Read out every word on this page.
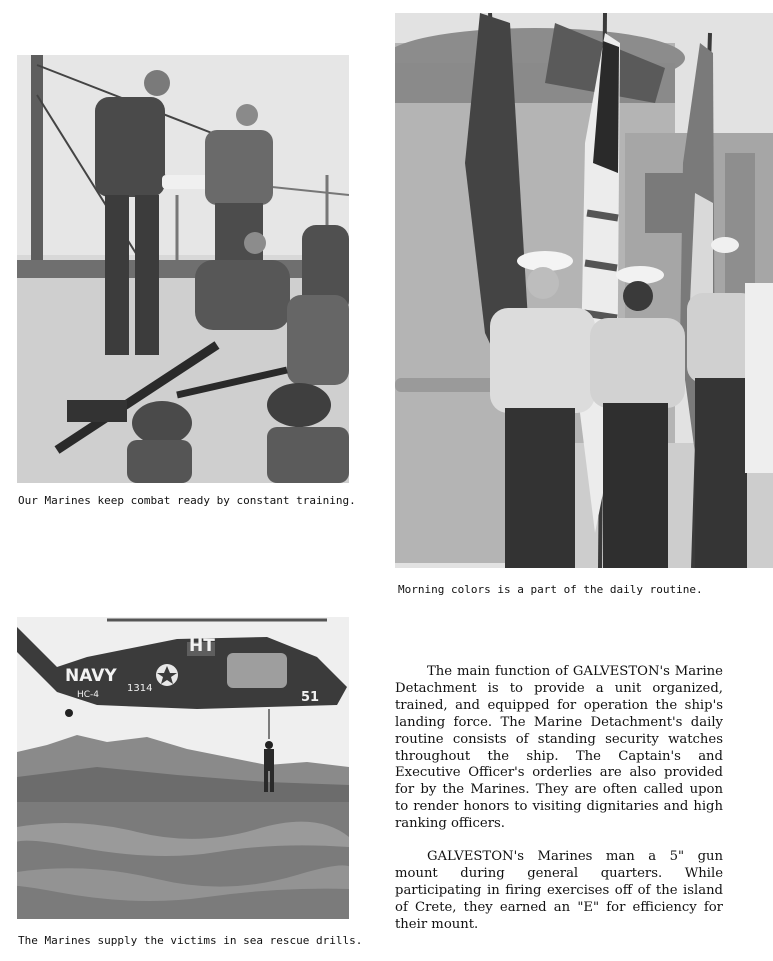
Our Marines keep combat ready by constant training.
Morning colors is a part of the daily routine.
NAVY
HC-4
1314
HT
51
The Marines supply the victims in sea rescue drills.

The main function of GALVESTON's Marine Detachment is to provide a unit organized, trained, and equipped for operation the ship's landing force. The Marine Detachment's daily routine consists of standing security watches throughout the ship. The Captain's and Executive Officer's orderlies are also provided for by the Marines. They are often called upon to render honors to visiting dignitaries and high ranking officers.

GALVESTON's Marines man a 5" gun mount during general quarters. While participating in firing exercises off of the island of Crete, they earned an "E" for efficiency for their mount.
